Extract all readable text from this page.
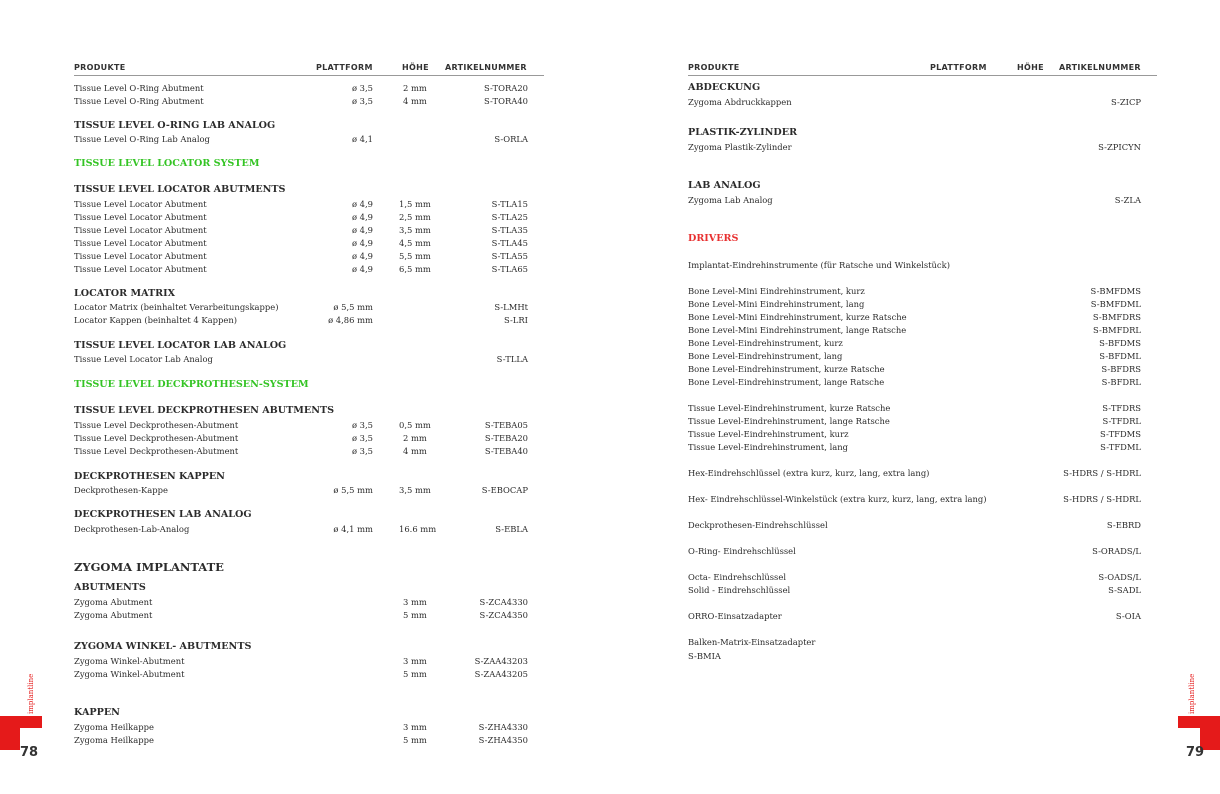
PRODUKTE	PLATTFORM	HÖHE ARTIKELNUMMER
Tissue Level O-Ring Abutment	ø 3,5	2 mm	S-TORA20
Tissue Level O-Ring Abutment	ø 3,5	4 mm	S-TORA40
TISSUE LEVEL O-RING LAB ANALOG
Tissue Level O-Ring Lab Analog	ø 4,1	S-ORLA
TISSUE LEVEL LOCATOR SYSTEM
TISSUE LEVEL LOCATOR ABUTMENTS
Tissue Level Locator Abutment	ø 4,9	1,5 mm	S-TLA15
Tissue Level Locator Abutment	ø 4,9	2,5 mm	S-TLA25
Tissue Level Locator Abutment	ø 4,9	3,5 mm	S-TLA35
Tissue Level Locator Abutment	ø 4,9	4,5 mm	S-TLA45
Tissue Level Locator Abutment	ø 4,9	5,5 mm	S-TLA55
Tissue Level Locator Abutment	ø 4,9	6,5 mm	S-TLA65
LOCATOR MATRIX
Locator Matrix (beinhaltet Verarbeitungskappe)	ø 5,5 mm	S-LMHt
Locator Kappen (beinhaltet 4 Kappen)	ø 4,86 mm	S-LRI
TISSUE LEVEL LOCATOR LAB ANALOG
Tissue Level Locator Lab Analog	S-TLLA
TISSUE LEVEL DECKPROTHESEN-SYSTEM
TISSUE LEVEL DECKPROTHESEN ABUTMENTS
Tissue Level Deckprothesen-Abutment	ø 3,5	0,5 mm	S-TEBA05
Tissue Level Deckprothesen-Abutment	ø 3,5	2 mm	S-TEBA20
Tissue Level Deckprothesen-Abutment	ø 3,5	4 mm	S-TEBA40
DECKPROTHESEN KAPPEN
Deckprothesen-Kappe	ø 5,5 mm	3,5 mm	S-EBOCAP
DECKPROTHESEN LAB ANALOG
Deckprothesen-Lab-Analog	ø 4,1 mm	16.6 mm	S-EBLA
ZYGOMA IMPLANTATE
ABUTMENTS
Zygoma Abutment	3 mm	S-ZCA4330
Zygoma Abutment	5 mm	S-ZCA4350
ZYGOMA WINKEL- ABUTMENTS
Zygoma Winkel-Abutment	3 mm	S-ZAA43203
Zygoma Winkel-Abutment	5 mm	S-ZAA43205
KAPPEN
Zygoma Heilkappe	3 mm	S-ZHA4330
Zygoma Heilkappe	5 mm	S-ZHA4350
PRODUKTE	PLATTFORM	HÖHE ARTIKELNUMMER
ABDECKUNG
Zygoma Abdruckkappen	S-ZICP
PLASTIK-ZYLINDER
Zygoma Plastik-Zylinder	S-ZPICYN
LAB ANALOG
Zygoma Lab Analog	S-ZLA
DRIVERS
Implantat-Eindrehinstrumente (für Ratsche und Winkelstück)
Bone Level-Mini Eindrehinstrument, kurz	S-BMFDMS
Bone Level-Mini Eindrehinstrument, lang	S-BMFDML
Bone Level-Mini Eindrehinstrument, kurze Ratsche	S-BMFDRS
Bone Level-Mini Eindrehinstrument, lange Ratsche	S-BMFDRL
Bone Level-Eindrehinstrument, kurz	S-BFDMS
Bone Level-Eindrehinstrument, lang	S-BFDML
Bone Level-Eindrehinstrument, kurze Ratsche	S-BFDRS
Bone Level-Eindrehinstrument, lange Ratsche	S-BFDRL
Tissue Level-Eindrehinstrument, kurze Ratsche	S-TFDRS
Tissue Level-Eindrehinstrument, lange Ratsche	S-TFDRL
Tissue Level-Eindrehinstrument, kurz	S-TFDMS
Tissue Level-Eindrehinstrument, lang	S-TFDML
Hex-Eindrehschlüssel (extra kurz, kurz, lang, extra lang)	S-HDRS / S-HDRL
Hex- Eindrehschlüssel-Winkelstück (extra kurz, kurz, lang, extra lang)	S-HDRS / S-HDRL
Deckprothesen-Eindrehschlüssel	S-EBRD
O-Ring- Eindrehschlüssel	S-ORADS/L
Octa- Eindrehschlüssel	S-OADS/L
Solid - Eindrehschlüssel	S-SADL
ORRO-Einsatzadapter	S-OIA
Balken-Matrix-Einsatzadapter
S-BMIA
implantline
78
implantline
79
